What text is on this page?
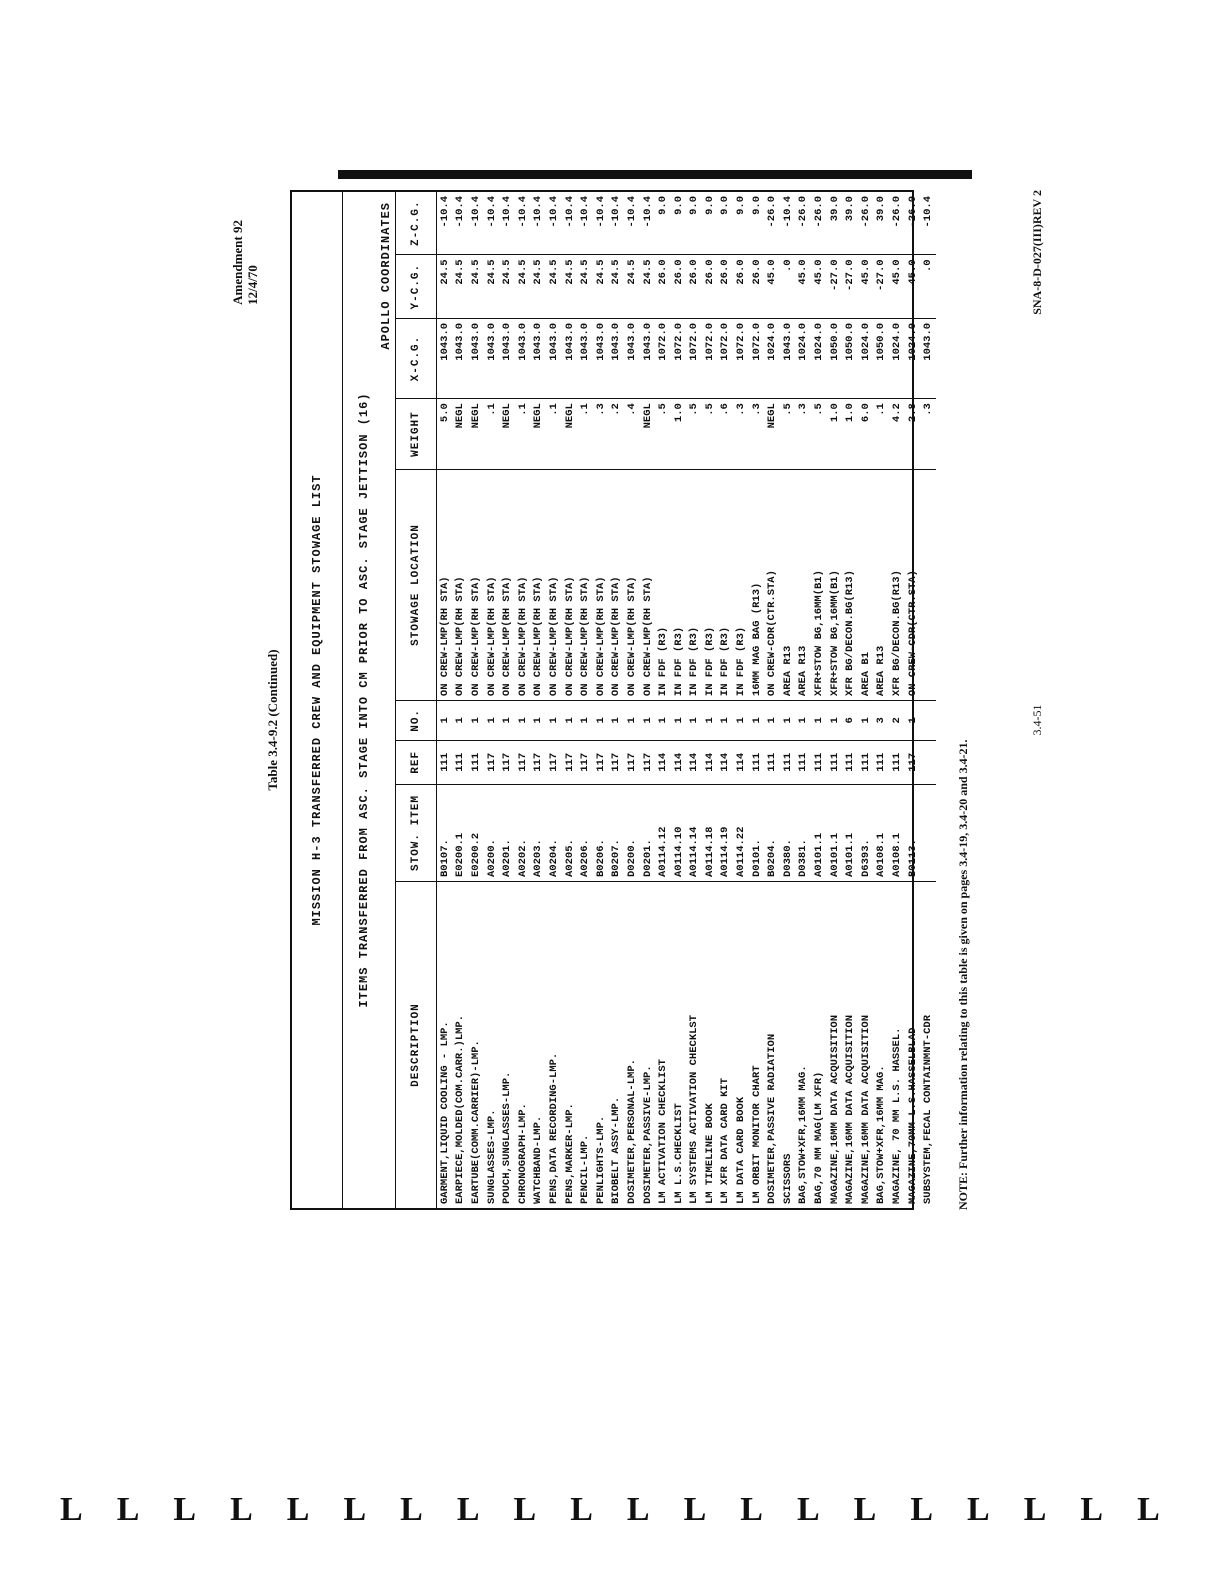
Amendment 92 12/4/70
Table 3.4-9.2 (Continued)	MISSION H-3 TRANSFERRED CREW AND EQUIPMENT STOWAGE LIST	ITEMS TRANSFERRED FROM ASC. STAGE INTO CM PRIOR TO ASC. STAGE JETTISON (16)
APOLLO COORDINATES
DESCRIPTION	STOW. ITEM	REF	NO.	STOWAGE LOCATION	WEIGHT	X-C.G.	Y-C.G.	Z-C.G.
GARMENT,LIQUID COOLING - LMP.	B0107.	111	1	ON CREW-LMP(RH STA)	5.0	1043.0	24.5	-10.4
EARPIECE,MOLDED(COM.CARR.)LMP.	E0200.1	111	1	ON CREW-LMP(RH STA)	NEGL	1043.0	24.5	-10.4
EARTUBE(COMM.CARRIER)-LMP.	E0200.2	111	1	ON CREW-LMP(RH STA)	NEGL	1043.0	24.5	-10.4
SUNGLASSES-LMP.	A0200.	117	1	ON CREW-LMP(RH STA)	.1	1043.0	24.5	-10.4
POUCH,SUNGLASSES-LMP.	A0201.	117	1	ON CREW-LMP(RH STA)	NEGL	1043.0	24.5	-10.4
CHRONOGRAPH-LMP.	A0202.	117	1	ON CREW-LMP(RH STA)	.1	1043.0	24.5	-10.4
WATCHBAND-LMP.	A0203.	117	1	ON CREW-LMP(RH STA)	NEGL	1043.0	24.5	-10.4
PENS,DATA RECORDING-LMP.	A0204.	117	1	ON CREW-LMP(RH STA)	.1	1043.0	24.5	-10.4
PENS,MARKER-LMP.	A0205.	117	1	ON CREW-LMP(RH STA)	NEGL	1043.0	24.5	-10.4
PENCIL-LMP.	A0206.	117	1	ON CREW-LMP(RH STA)	.1	1043.0	24.5	-10.4
PENLIGHTS-LMP.	B0206.	117	1	ON CREW-LMP(RH STA)	.3	1043.0	24.5	-10.4
BIOBELT ASSY-LMP.	B0207.	117	1	ON CREW-LMP(RH STA)	.2	1043.0	24.5	-10.4
DOSIMETER,PERSONAL-LMP.	D0200.	117	1	ON CREW-LMP(RH STA)	.4	1043.0	24.5	-10.4
DOSIMETER,PASSIVE-LMP.	D0201.	117	1	ON CREW-LMP(RH STA)	NEGL	1043.0	24.5	-10.4
LM ACTIVATION CHECKLIST	A0114.12	114	1	IN FDF (R3)	.5	1072.0	26.0	9.0
LM L.S.CHECKLIST	A0114.10	114	1	IN FDF (R3)	1.0	1072.0	26.0	9.0
LM SYSTEMS ACTIVATION CHECKLST	A0114.14	114	1	IN FDF (R3)	.5	1072.0	26.0	9.0
LM TIMELINE BOOK	A0114.18	114	1	IN FDF (R3)	.5	1072.0	26.0	9.0
LM XFR DATA CARD KIT	A0114.19	114	1	IN FDF (R3)	.6	1072.0	26.0	9.0
LM DATA CARD BOOK	A0114.22	114	1	IN FDF (R3)	.3	1072.0	26.0	9.0
LM ORBIT MONITOR CHART	D0101.	111	1	16MM MAG BAG (R13)	.3	1072.0	26.0	9.0
DOSIMETER,PASSIVE RADIATION	B0204.	111	1	ON CREW-CDR(CTR.STA)	NEGL	1024.0	45.0	-26.0
SCISSORS	D0380.	111	1	AREA R13	.5	1043.0	.0	-10.4
BAG,STOW+XFR,16MM MAG.	D0381.	111	1	AREA R13	.3	1024.0	45.0	-26.0
BAG,70 MM MAG(LM XFR)	A0101.1	111	1	XFR+STOW BG,16MM(B1)	.5	1024.0	45.0	-26.0
MAGAZINE,16MM DATA ACQUISITION	A0101.1	111	1	XFR+STOW BG,16MM(B1)	1.0	1050.0	-27.0	39.0
MAGAZINE,16MM DATA ACQUISITION	A0101.1	111	6	XFR BG/DECON.BG(R13)	1.0	1050.0	-27.0	39.0
MAGAZINE,16MM DATA ACQUISITION	D6393.	111	1	AREA B1	6.0	1024.0	45.0	-26.0
BAG,STOW+XFR,16MM MAG.	A0108.1	111	3	AREA R13	.1	1050.0	-27.0	39.0
MAGAZINE, 70 MM L.S. HASSEL.	A0108.1	111	2	XFR BG/DECON.BG(R13)	4.2	1024.0	45.0	-26.0
MAGAZINE,70MM L.S.HASSELBLAD	B0113.	117	1	ON CREW-CDR(CTR.STA)	2.8	1024.0	45.0	-26.0
SUBSYSTEM,FECAL CONTAINMNT-CDR					.3	1043.0	.0	-10.4
NOTE: Further information relating to this table is given on pages 3.4-19, 3.4-20 and 3.4-21.
3.4-51
SNA-8-D-027(III)REV 2
L L L L L L L L L L L L L L L L L L L L
